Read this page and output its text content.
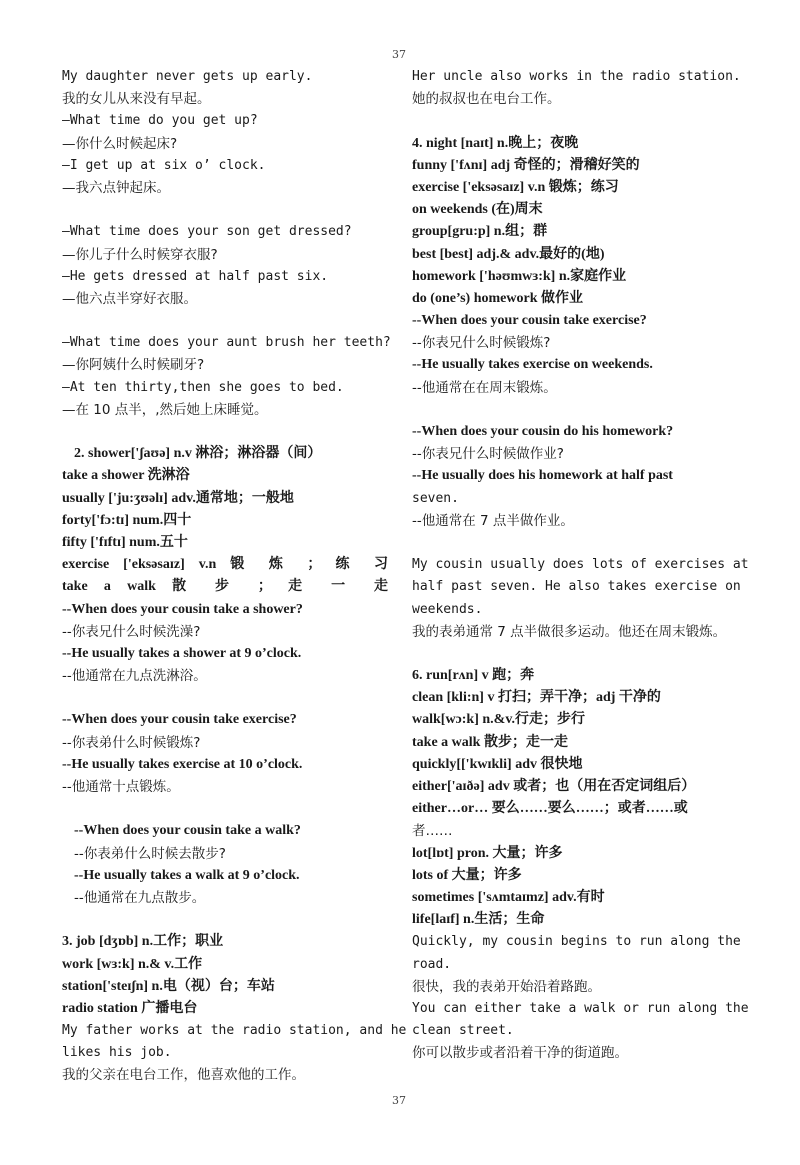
37
My daughter never gets up early.
我的女儿从来没有早起。
—What time do you get up?
—你什么时候起床?
—I get up at six o’ clock.
—我六点钟起床。
—What time does your son get dressed?
—你儿子什么时候穿衣服?
—He gets dressed at half past six.
—他六点半穿好衣服。
—What time does your aunt brush her teeth?
—你阿姨什么时候刷牙?
—At ten thirty,then she goes to bed.
—在 10 点半，,然后她上床睡觉。
2. shower['ʃaʊə] n.v 淋浴；淋浴器（间）
take a shower 洗淋浴
usually ['ju:ʒʊəlɪ] adv.通常地；一般地
forty['fɔ:tɪ] num.四十
fifty ['fɪftɪ] num.五十
exercise ['eksəsaɪz] v.n 锻 炼 ； 练 习
take a walk 散 步 ； 走 一 走
--When does your cousin take a shower?
--你表兄什么时候洗澡?
--He usually takes a shower at 9 o’clock.
--他通常在九点洗淋浴。
--When does your cousin take exercise?
--你表弟什么时候锻炼?
--He usually takes exercise at 10 o’clock.
--他通常十点锻炼。
--When does your cousin take a walk?
--你表弟什么时候去散步?
--He usually takes a walk at 9 o’clock.
--他通常在九点散步。
3. job [dʒɒb] n.工作；职业
work [wɜ:k] n.& v.工作
station['steɪʃn] n.电（视）台；车站
radio station 广播电台
My father works at the radio station, and he
likes his job.
我的父亲在电台工作，他喜欢他的工作。
Her uncle also works in the radio station.
她的叔叔也在电台工作。
4. night [naɪt] n.晚上；夜晚
funny ['fʌnɪ] adj 奇怪的；滑稽好笑的
exercise ['eksəsaɪz] v.n 锻炼；练习
on weekends (在)周末
group[gru:p] n.组；群
best [best] adj.& adv.最好的(地)
homework ['həʊmwɜ:k] n.家庭作业
do (one’s) homework 做作业
--When does your cousin take exercise?
--你表兄什么时候锻炼?
--He usually takes exercise on weekends.
--他通常在在周末锻炼。
--When does your cousin do his homework?
--你表兄什么时候做作业?
--He usually does his homework at half past
seven.
--他通常在 7 点半做作业。
My cousin usually does lots of exercises at
half past seven. He also takes exercise on
weekends.
我的表弟通常 7 点半做很多运动。他还在周末锻炼。
6. run[rʌn] v 跑；奔
clean [kli:n] v 打扫；弄干净；adj 干净的
walk[wɔ:k] n.&v.行走；步行
take a walk 散步；走一走
quickly[['kwɪkli] adv 很快地
either['aɪðə] adv 或者；也（用在否定词组后）
either…or… 要么……要么……；或者……或
者……
lot[lɒt] pron. 大量；许多
lots of 大量；许多
sometimes ['sʌmtaɪmz] adv.有时
life[laɪf] n.生活；生命
Quickly, my cousin begins to run along the
road.
很快，我的表弟开始沿着路跑。
You can either take a walk or run along the
clean street.
你可以散步或者沿着干净的街道跑。
37
